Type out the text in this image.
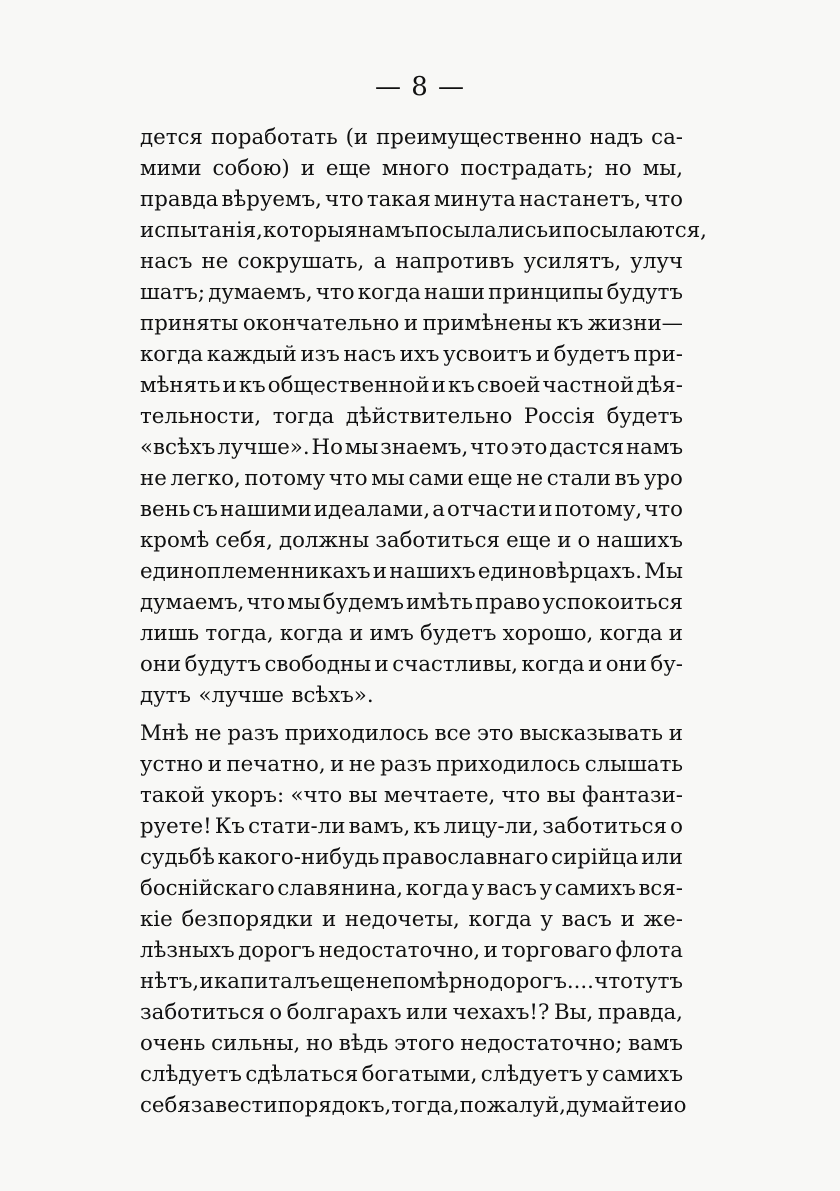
— 8 —
дется поработать (и преимущественно надъ са-
мими собою) и еще много пострадать; но мы,
правда вѣруемъ, что такая минута настанетъ, что
испытанія, которыя намъ посылались и посылаются,
насъ не сокрушать, а напротивъ усилятъ, улуч
шатъ; думаемъ, что когда наши принципы будутъ
приняты окончательно и примѣнены къ жизни—
когда каждый изъ насъ ихъ усвоитъ и будетъ при-
мѣнять и къ общественной и къ своей частной дѣя-
тельности, тогда дѣйствительно Россія будетъ
«всѣхъ лучше». Но мы знаемъ, что это дастся намъ
не легко, потому что мы сами еще не стали въ уро
вень съ нашими идеалами, а отчасти и потому, что
кромѣ себя, должны заботиться еще и о нашихъ
единоплеменникахъ и нашихъ единовѣрцахъ. Мы
думаемъ, что мы будемъ имѣть право успокоиться
лишь тогда, когда и имъ будетъ хорошо, когда и
они будутъ свободны и счастливы, когда и они бу-
дутъ «лучше всѣхъ».
Мнѣ не разъ приходилось все это высказывать и
устно и печатно, и не разъ приходилось слышать
такой укоръ: «что вы мечтаете, что вы фантази-
руете! Къ стати-ли вамъ, къ лицу-ли, заботиться о
судьбѣ какого-нибудь православнаго сирійца или
боснійскаго славянина, когда у васъ у самихъ вся-
кіе безпорядки и недочеты, когда у васъ и же-
лѣзныхъ дорогъ недостаточно, и торговаго флота
нѣтъ, и капиталъ еще непомѣрно дорогъ.... что тутъ
заботиться о болгарахъ или чехахъ!? Вы, правда,
очень сильны, но вѣдь этого недостаточно; вамъ
слѣдуетъ сдѣлаться богатыми, слѣдуетъ у самихъ
себя завести порядокъ, тогда, пожалуй, думайте и о
